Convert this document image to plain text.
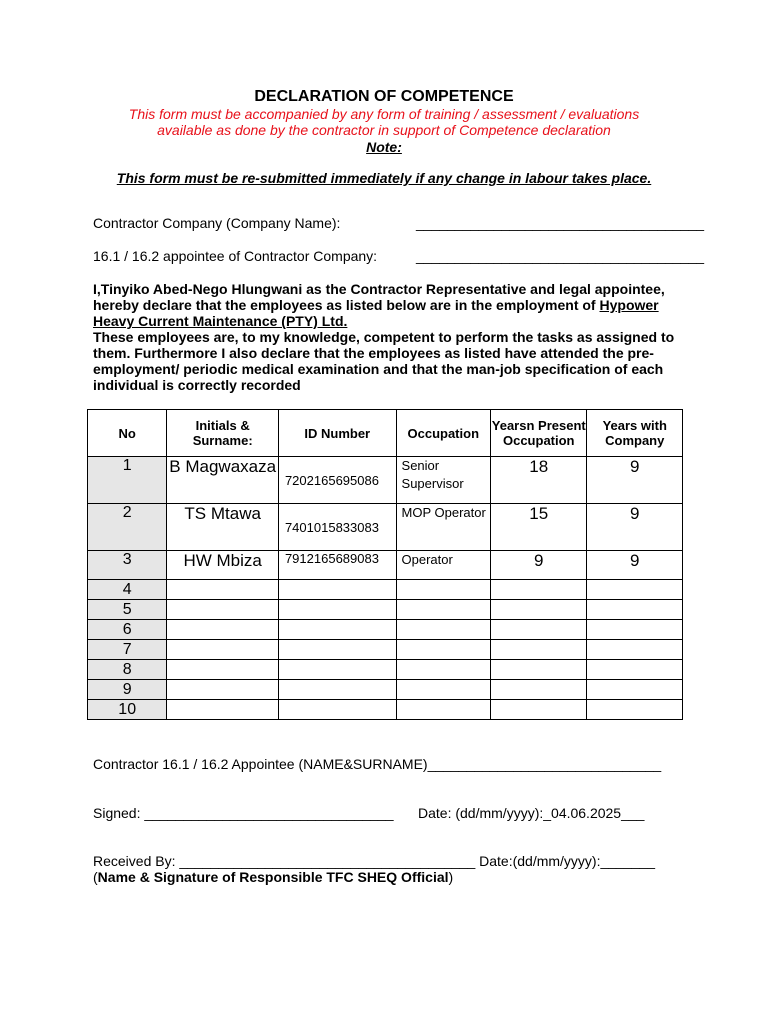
DECLARATION OF COMPETENCE
This form must be accompanied by any form of training / assessment / evaluations
available as done by the contractor in support of Competence declaration
Note:
This form must be re-submitted immediately if any change in labour takes place.
Contractor Company (Company Name):	_____________________________________
16.1 / 16.2 appointee of Contractor Company:	_____________________________________
I,Tinyiko Abed-Nego Hlungwani as the Contractor Representative and legal appointee, hereby declare that the employees as listed below are in the employment of Hypower Heavy Current Maintenance (PTY) Ltd.
These employees are, to my knowledge, competent to perform the tasks as assigned to them. Furthermore I also declare that the employees as listed have attended the pre-employment/ periodic medical examination and that the man-job specification of each individual is correctly recorded
No	Initials & Surname:	ID Number	Occupation	Yearsn Present Occupation	Years with Company
1	B Magwaxaza	7202165695086	Senior Supervisor	18	9
2	TS Mtawa	7401015833083	MOP Operator	15	9
3	HW Mbiza	7912165689083	Operator	9	9
4					
5					
6					
7					
8					
9					
10					
Contractor 16.1 / 16.2 Appointee (NAME&SURNAME)______________________________
Signed: ________________________________ Date: (dd/mm/yyyy):_04.06.2025___
Received By: ______________________________________ Date:(dd/mm/yyyy):_______
(Name & Signature of Responsible TFC SHEQ Official)
